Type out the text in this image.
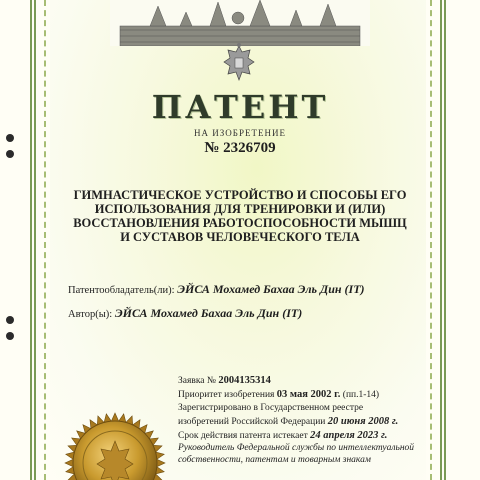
ПАТЕНТ
НА ИЗОБРЕТЕНИЕ
№ 2326709
ГИМНАСТИЧЕСКОЕ УСТРОЙСТВО И СПОСОБЫ ЕГО
ИСПОЛЬЗОВАНИЯ ДЛЯ ТРЕНИРОВКИ И (ИЛИ)
ВОССТАНОВЛЕНИЯ РАБОТОСПОСОБНОСТИ МЫШЦ
И СУСТАВОВ ЧЕЛОВЕЧЕСКОГО ТЕЛА
Патентообладатель(ли): ЭЙСА Мохамед Бахаа Эль Дин (IT)
Автор(ы): ЭЙСА Мохамед Бахаа Эль Дин (IT)
Заявка № 2004135314
Приоритет изобретения 03 мая 2002 г. (пп.1-14)
Зарегистрировано в Государственном реестре
изобретений Российской Федерации 20 июня 2008 г.
Срок действия патента истекает 24 апреля 2023 г.
Руководитель Федеральной службы по интеллектуальной
собственности, патентам и товарным знакам
